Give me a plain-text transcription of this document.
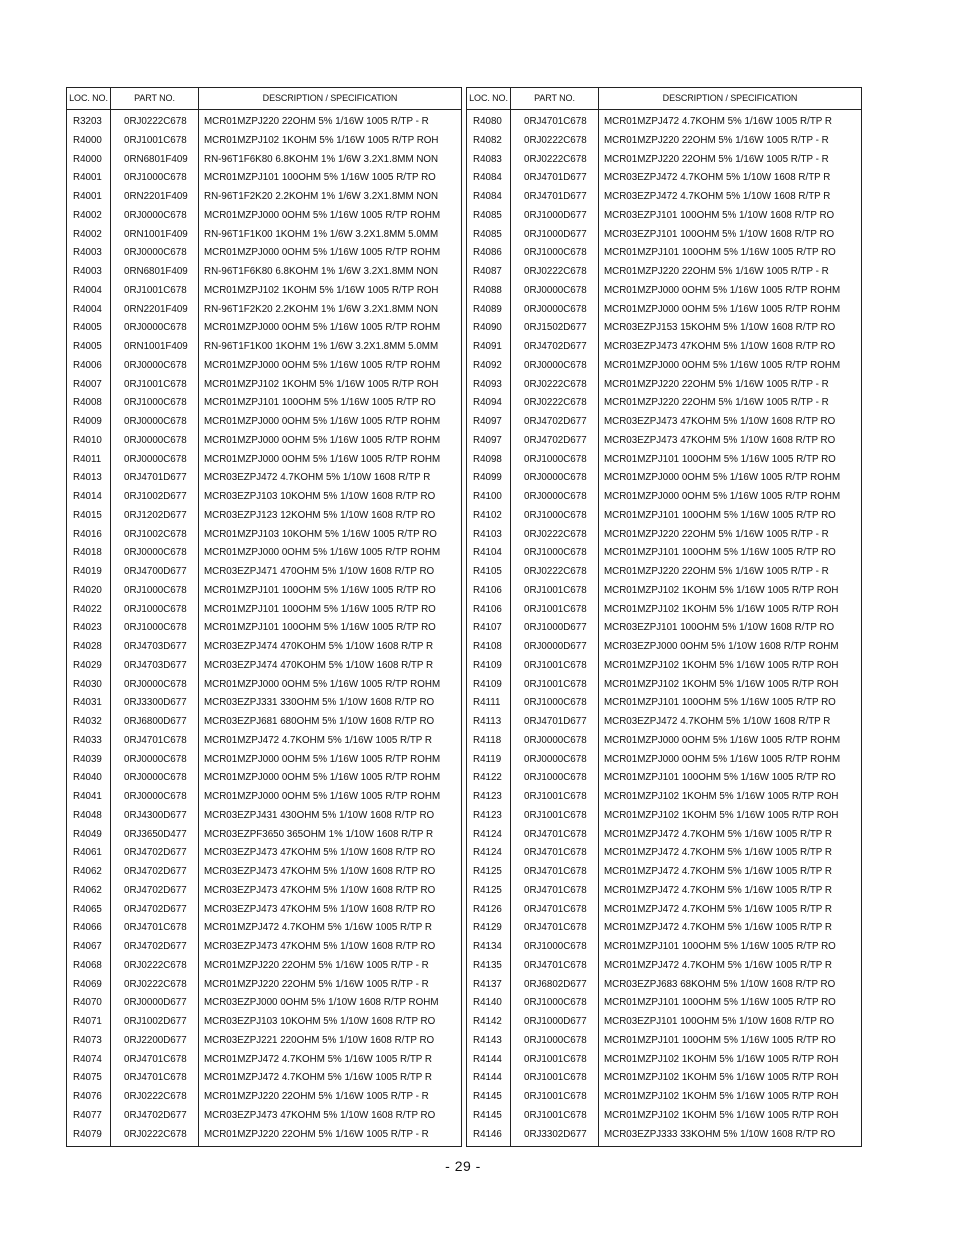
LOC. NO.	PART NO.	DESCRIPTION / SPECIFICATION
R3203	0RJ0222C678	MCR01MZPJ220 22OHM 5% 1/16W 1005 R/TP - R
R4000	0RJ1001C678	MCR01MZPJ102 1KOHM 5% 1/16W 1005 R/TP ROH
R4000	0RN6801F409	RN-96T1F6K80 6.8KOHM 1% 1/6W 3.2X1.8MM NON
R4001	0RJ1000C678	MCR01MZPJ101 100OHM 5% 1/16W 1005 R/TP RO
R4001	0RN2201F409	RN-96T1F2K20 2.2KOHM 1% 1/6W 3.2X1.8MM NON
R4002	0RJ0000C678	MCR01MZPJ000 0OHM 5% 1/16W 1005 R/TP ROHM
R4002	0RN1001F409	RN-96T1F1K00 1KOHM 1% 1/6W 3.2X1.8MM 5.0MM
R4003	0RJ0000C678	MCR01MZPJ000 0OHM 5% 1/16W 1005 R/TP ROHM
R4003	0RN6801F409	RN-96T1F6K80 6.8KOHM 1% 1/6W 3.2X1.8MM NON
R4004	0RJ1001C678	MCR01MZPJ102 1KOHM 5% 1/16W 1005 R/TP ROH
R4004	0RN2201F409	RN-96T1F2K20 2.2KOHM 1% 1/6W 3.2X1.8MM NON
R4005	0RJ0000C678	MCR01MZPJ000 0OHM 5% 1/16W 1005 R/TP ROHM
R4005	0RN1001F409	RN-96T1F1K00 1KOHM 1% 1/6W 3.2X1.8MM 5.0MM
R4006	0RJ0000C678	MCR01MZPJ000 0OHM 5% 1/16W 1005 R/TP ROHM
R4007	0RJ1001C678	MCR01MZPJ102 1KOHM 5% 1/16W 1005 R/TP ROH
R4008	0RJ1000C678	MCR01MZPJ101 100OHM 5% 1/16W 1005 R/TP RO
R4009	0RJ0000C678	MCR01MZPJ000 0OHM 5% 1/16W 1005 R/TP ROHM
R4010	0RJ0000C678	MCR01MZPJ000 0OHM 5% 1/16W 1005 R/TP ROHM
R4011	0RJ0000C678	MCR01MZPJ000 0OHM 5% 1/16W 1005 R/TP ROHM
R4013	0RJ4701D677	MCR03EZPJ472 4.7KOHM 5% 1/10W 1608 R/TP R
R4014	0RJ1002D677	MCR03EZPJ103 10KOHM 5% 1/10W 1608 R/TP RO
R4015	0RJ1202D677	MCR03EZPJ123 12KOHM 5% 1/10W 1608 R/TP RO
R4016	0RJ1002C678	MCR01MZPJ103 10KOHM 5% 1/16W 1005 R/TP RO
R4018	0RJ0000C678	MCR01MZPJ000 0OHM 5% 1/16W 1005 R/TP ROHM
R4019	0RJ4700D677	MCR03EZPJ471 470OHM 5% 1/10W 1608 R/TP RO
R4020	0RJ1000C678	MCR01MZPJ101 100OHM 5% 1/16W 1005 R/TP RO
R4022	0RJ1000C678	MCR01MZPJ101 100OHM 5% 1/16W 1005 R/TP RO
R4023	0RJ1000C678	MCR01MZPJ101 100OHM 5% 1/16W 1005 R/TP RO
R4028	0RJ4703D677	MCR03EZPJ474 470KOHM 5% 1/10W 1608 R/TP R
R4029	0RJ4703D677	MCR03EZPJ474 470KOHM 5% 1/10W 1608 R/TP R
R4030	0RJ0000C678	MCR01MZPJ000 0OHM 5% 1/16W 1005 R/TP ROHM
R4031	0RJ3300D677	MCR03EZPJ331 330OHM 5% 1/10W 1608 R/TP RO
R4032	0RJ6800D677	MCR03EZPJ681 680OHM 5% 1/10W 1608 R/TP RO
R4033	0RJ4701C678	MCR01MZPJ472 4.7KOHM 5% 1/16W 1005 R/TP R
R4039	0RJ0000C678	MCR01MZPJ000 0OHM 5% 1/16W 1005 R/TP ROHM
R4040	0RJ0000C678	MCR01MZPJ000 0OHM 5% 1/16W 1005 R/TP ROHM
R4041	0RJ0000C678	MCR01MZPJ000 0OHM 5% 1/16W 1005 R/TP ROHM
R4048	0RJ4300D677	MCR03EZPJ431 430OHM 5% 1/10W 1608 R/TP RO
R4049	0RJ3650D477	MCR03EZPF3650 365OHM 1% 1/10W 1608 R/TP R
R4061	0RJ4702D677	MCR03EZPJ473 47KOHM 5% 1/10W 1608 R/TP RO
R4062	0RJ4702D677	MCR03EZPJ473 47KOHM 5% 1/10W 1608 R/TP RO
R4062	0RJ4702D677	MCR03EZPJ473 47KOHM 5% 1/10W 1608 R/TP RO
R4065	0RJ4702D677	MCR03EZPJ473 47KOHM 5% 1/10W 1608 R/TP RO
R4066	0RJ4701C678	MCR01MZPJ472 4.7KOHM 5% 1/16W 1005 R/TP R
R4067	0RJ4702D677	MCR03EZPJ473 47KOHM 5% 1/10W 1608 R/TP RO
R4068	0RJ0222C678	MCR01MZPJ220 22OHM 5% 1/16W 1005 R/TP - R
R4069	0RJ0222C678	MCR01MZPJ220 22OHM 5% 1/16W 1005 R/TP - R
R4070	0RJ0000D677	MCR03EZPJ000 0OHM 5% 1/10W 1608 R/TP ROHM
R4071	0RJ1002D677	MCR03EZPJ103 10KOHM 5% 1/10W 1608 R/TP RO
R4073	0RJ2200D677	MCR03EZPJ221 220OHM 5% 1/10W 1608 R/TP RO
R4074	0RJ4701C678	MCR01MZPJ472 4.7KOHM 5% 1/16W 1005 R/TP R
R4075	0RJ4701C678	MCR01MZPJ472 4.7KOHM 5% 1/16W 1005 R/TP R
R4076	0RJ0222C678	MCR01MZPJ220 22OHM 5% 1/16W 1005 R/TP - R
R4077	0RJ4702D677	MCR03EZPJ473 47KOHM 5% 1/10W 1608 R/TP RO
R4079	0RJ0222C678	MCR01MZPJ220 22OHM 5% 1/16W 1005 R/TP - R
LOC. NO.	PART NO.	DESCRIPTION / SPECIFICATION
R4080	0RJ4701C678	MCR01MZPJ472 4.7KOHM 5% 1/16W 1005 R/TP R
R4082	0RJ0222C678	MCR01MZPJ220 22OHM 5% 1/16W 1005 R/TP - R
R4083	0RJ0222C678	MCR01MZPJ220 22OHM 5% 1/16W 1005 R/TP - R
R4084	0RJ4701D677	MCR03EZPJ472 4.7KOHM 5% 1/10W 1608 R/TP R
R4084	0RJ4701D677	MCR03EZPJ472 4.7KOHM 5% 1/10W 1608 R/TP R
R4085	0RJ1000D677	MCR03EZPJ101 100OHM 5% 1/10W 1608 R/TP RO
R4085	0RJ1000D677	MCR03EZPJ101 100OHM 5% 1/10W 1608 R/TP RO
R4086	0RJ1000C678	MCR01MZPJ101 100OHM 5% 1/16W 1005 R/TP RO
R4087	0RJ0222C678	MCR01MZPJ220 22OHM 5% 1/16W 1005 R/TP - R
R4088	0RJ0000C678	MCR01MZPJ000 0OHM 5% 1/16W 1005 R/TP ROHM
R4089	0RJ0000C678	MCR01MZPJ000 0OHM 5% 1/16W 1005 R/TP ROHM
R4090	0RJ1502D677	MCR03EZPJ153 15KOHM 5% 1/10W 1608 R/TP RO
R4091	0RJ4702D677	MCR03EZPJ473 47KOHM 5% 1/10W 1608 R/TP RO
R4092	0RJ0000C678	MCR01MZPJ000 0OHM 5% 1/16W 1005 R/TP ROHM
R4093	0RJ0222C678	MCR01MZPJ220 22OHM 5% 1/16W 1005 R/TP - R
R4094	0RJ0222C678	MCR01MZPJ220 22OHM 5% 1/16W 1005 R/TP - R
R4097	0RJ4702D677	MCR03EZPJ473 47KOHM 5% 1/10W 1608 R/TP RO
R4097	0RJ4702D677	MCR03EZPJ473 47KOHM 5% 1/10W 1608 R/TP RO
R4098	0RJ1000C678	MCR01MZPJ101 100OHM 5% 1/16W 1005 R/TP RO
R4099	0RJ0000C678	MCR01MZPJ000 0OHM 5% 1/16W 1005 R/TP ROHM
R4100	0RJ0000C678	MCR01MZPJ000 0OHM 5% 1/16W 1005 R/TP ROHM
R4102	0RJ1000C678	MCR01MZPJ101 100OHM 5% 1/16W 1005 R/TP RO
R4103	0RJ0222C678	MCR01MZPJ220 22OHM 5% 1/16W 1005 R/TP - R
R4104	0RJ1000C678	MCR01MZPJ101 100OHM 5% 1/16W 1005 R/TP RO
R4105	0RJ0222C678	MCR01MZPJ220 22OHM 5% 1/16W 1005 R/TP - R
R4106	0RJ1001C678	MCR01MZPJ102 1KOHM 5% 1/16W 1005 R/TP ROH
R4106	0RJ1001C678	MCR01MZPJ102 1KOHM 5% 1/16W 1005 R/TP ROH
R4107	0RJ1000D677	MCR03EZPJ101 100OHM 5% 1/10W 1608 R/TP RO
R4108	0RJ0000D677	MCR03EZPJ000 0OHM 5% 1/10W 1608 R/TP ROHM
R4109	0RJ1001C678	MCR01MZPJ102 1KOHM 5% 1/16W 1005 R/TP ROH
R4109	0RJ1001C678	MCR01MZPJ102 1KOHM 5% 1/16W 1005 R/TP ROH
R4111	0RJ1000C678	MCR01MZPJ101 100OHM 5% 1/16W 1005 R/TP RO
R4113	0RJ4701D677	MCR03EZPJ472 4.7KOHM 5% 1/10W 1608 R/TP R
R4118	0RJ0000C678	MCR01MZPJ000 0OHM 5% 1/16W 1005 R/TP ROHM
R4119	0RJ0000C678	MCR01MZPJ000 0OHM 5% 1/16W 1005 R/TP ROHM
R4122	0RJ1000C678	MCR01MZPJ101 100OHM 5% 1/16W 1005 R/TP RO
R4123	0RJ1001C678	MCR01MZPJ102 1KOHM 5% 1/16W 1005 R/TP ROH
R4123	0RJ1001C678	MCR01MZPJ102 1KOHM 5% 1/16W 1005 R/TP ROH
R4124	0RJ4701C678	MCR01MZPJ472 4.7KOHM 5% 1/16W 1005 R/TP R
R4124	0RJ4701C678	MCR01MZPJ472 4.7KOHM 5% 1/16W 1005 R/TP R
R4125	0RJ4701C678	MCR01MZPJ472 4.7KOHM 5% 1/16W 1005 R/TP R
R4125	0RJ4701C678	MCR01MZPJ472 4.7KOHM 5% 1/16W 1005 R/TP R
R4126	0RJ4701C678	MCR01MZPJ472 4.7KOHM 5% 1/16W 1005 R/TP R
R4129	0RJ4701C678	MCR01MZPJ472 4.7KOHM 5% 1/16W 1005 R/TP R
R4134	0RJ1000C678	MCR01MZPJ101 100OHM 5% 1/16W 1005 R/TP RO
R4135	0RJ4701C678	MCR01MZPJ472 4.7KOHM 5% 1/16W 1005 R/TP R
R4137	0RJ6802D677	MCR03EZPJ683 68KOHM 5% 1/10W 1608 R/TP RO
R4140	0RJ1000C678	MCR01MZPJ101 100OHM 5% 1/16W 1005 R/TP RO
R4142	0RJ1000D677	MCR03EZPJ101 100OHM 5% 1/10W 1608 R/TP RO
R4143	0RJ1000C678	MCR01MZPJ101 100OHM 5% 1/16W 1005 R/TP RO
R4144	0RJ1001C678	MCR01MZPJ102 1KOHM 5% 1/16W 1005 R/TP ROH
R4144	0RJ1001C678	MCR01MZPJ102 1KOHM 5% 1/16W 1005 R/TP ROH
R4145	0RJ1001C678	MCR01MZPJ102 1KOHM 5% 1/16W 1005 R/TP ROH
R4145	0RJ1001C678	MCR01MZPJ102 1KOHM 5% 1/16W 1005 R/TP ROH
R4146	0RJ3302D677	MCR03EZPJ333 33KOHM 5% 1/10W 1608 R/TP RO
- 29 -
